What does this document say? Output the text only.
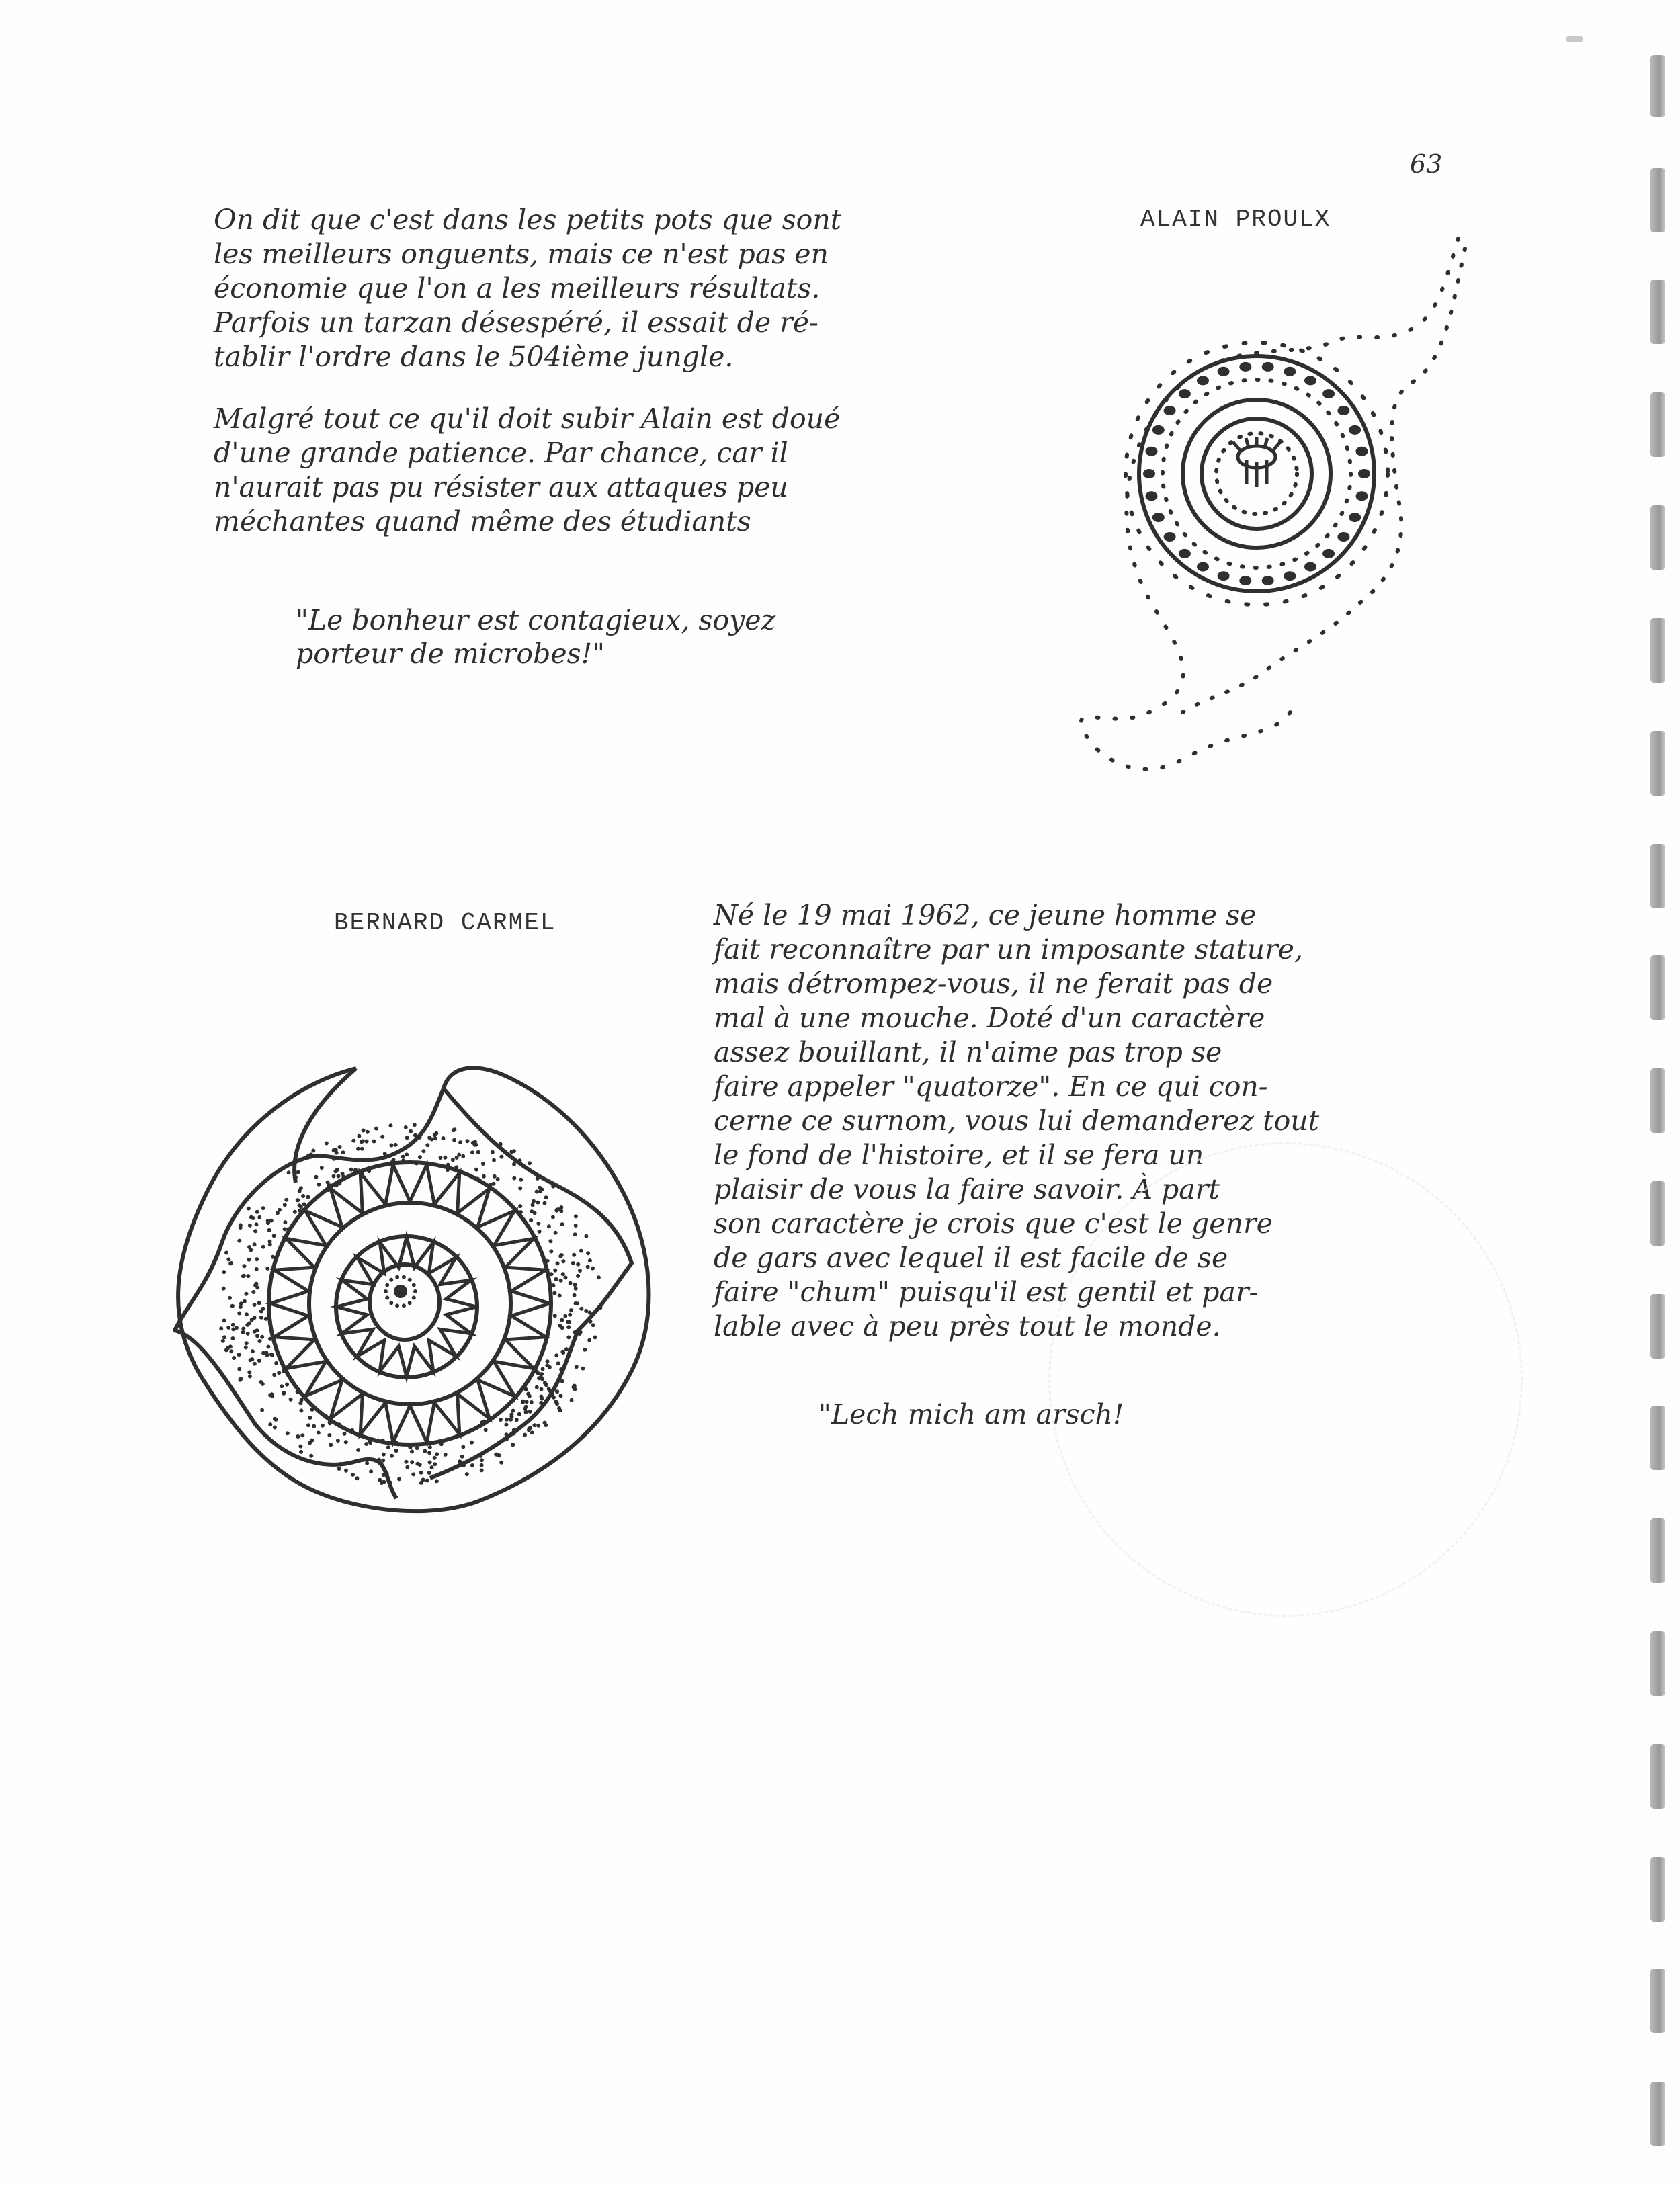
63
ALAIN PROULX
On dit que c'est dans les petits pots que sont
les meilleurs onguents, mais ce n'est pas en
économie que l'on a les meilleurs résultats.
Parfois un tarzan désespéré, il essait de ré-
tablir l'ordre dans le 504ième jungle.
Malgré tout ce qu'il doit subir Alain est doué
d'une grande patience. Par chance, car il
n'aurait pas pu résister aux attaques peu
méchantes quand même des étudiants
"Le bonheur est contagieux, soyez
porteur de microbes!"
BERNARD CARMEL	Né le 19 mai 1962, ce jeune homme se
fait reconnaître par un imposante stature,
mais détrompez-vous, il ne ferait pas de
mal à une mouche. Doté d'un caractère
assez bouillant, il n'aime pas trop se
faire appeler "quatorze". En ce qui con-
cerne ce surnom, vous lui demanderez tout
le fond de l'histoire, et il se fera un
plaisir de vous la faire savoir. À part
son caractère je crois que c'est le genre
de gars avec lequel il est facile de se
faire "chum" puisqu'il est gentil et par-
lable avec à peu près tout le monde.
"Lech mich am arsch!
